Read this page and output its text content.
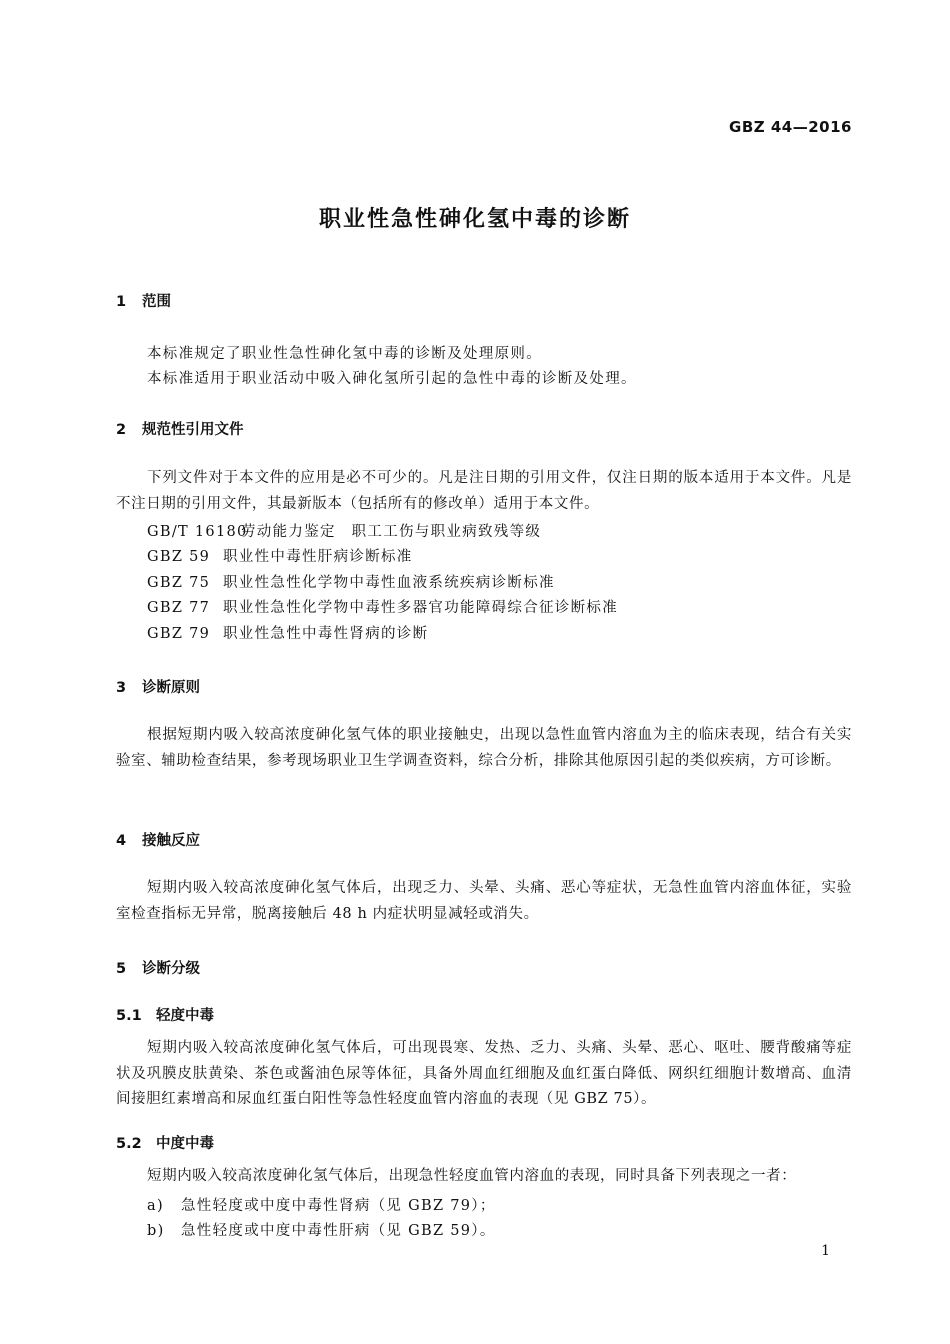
GBZ 44—2016
职业性急性砷化氢中毒的诊断
1 范围
本标准规定了职业性急性砷化氢中毒的诊断及处理原则。
本标准适用于职业活动中吸入砷化氢所引起的急性中毒的诊断及处理。
2 规范性引用文件
下列文件对于本文件的应用是必不可少的。凡是注日期的引用文件，仅注日期的版本适用于本文件。凡是不注日期的引用文件，其最新版本（包括所有的修改单）适用于本文件。
GB/T 16180劳动能力鉴定　职工工伤与职业病致残等级
GBZ 59 职业性中毒性肝病诊断标准
GBZ 75 职业性急性化学物中毒性血液系统疾病诊断标准
GBZ 77 职业性急性化学物中毒性多器官功能障碍综合征诊断标准
GBZ 79 职业性急性中毒性肾病的诊断
3 诊断原则
根据短期内吸入较高浓度砷化氢气体的职业接触史，出现以急性血管内溶血为主的临床表现，结合有关实验室、辅助检查结果，参考现场职业卫生学调查资料，综合分析，排除其他原因引起的类似疾病，方可诊断。
4 接触反应
短期内吸入较高浓度砷化氢气体后，出现乏力、头晕、头痛、恶心等症状，无急性血管内溶血体征，实验室检查指标无异常，脱离接触后 48 h 内症状明显减轻或消失。
5 诊断分级
5.1 轻度中毒
短期内吸入较高浓度砷化氢气体后，可出现畏寒、发热、乏力、头痛、头晕、恶心、呕吐、腰背酸痛等症状及巩膜皮肤黄染、茶色或酱油色尿等体征，具备外周血红细胞及血红蛋白降低、网织红细胞计数增高、血清间接胆红素增高和尿血红蛋白阳性等急性轻度血管内溶血的表现（见 GBZ 75）。
5.2 中度中毒
短期内吸入较高浓度砷化氢气体后，出现急性轻度血管内溶血的表现，同时具备下列表现之一者：
a) 急性轻度或中度中毒性肾病（见 GBZ 79）；
b) 急性轻度或中度中毒性肝病（见 GBZ 59）。
1
